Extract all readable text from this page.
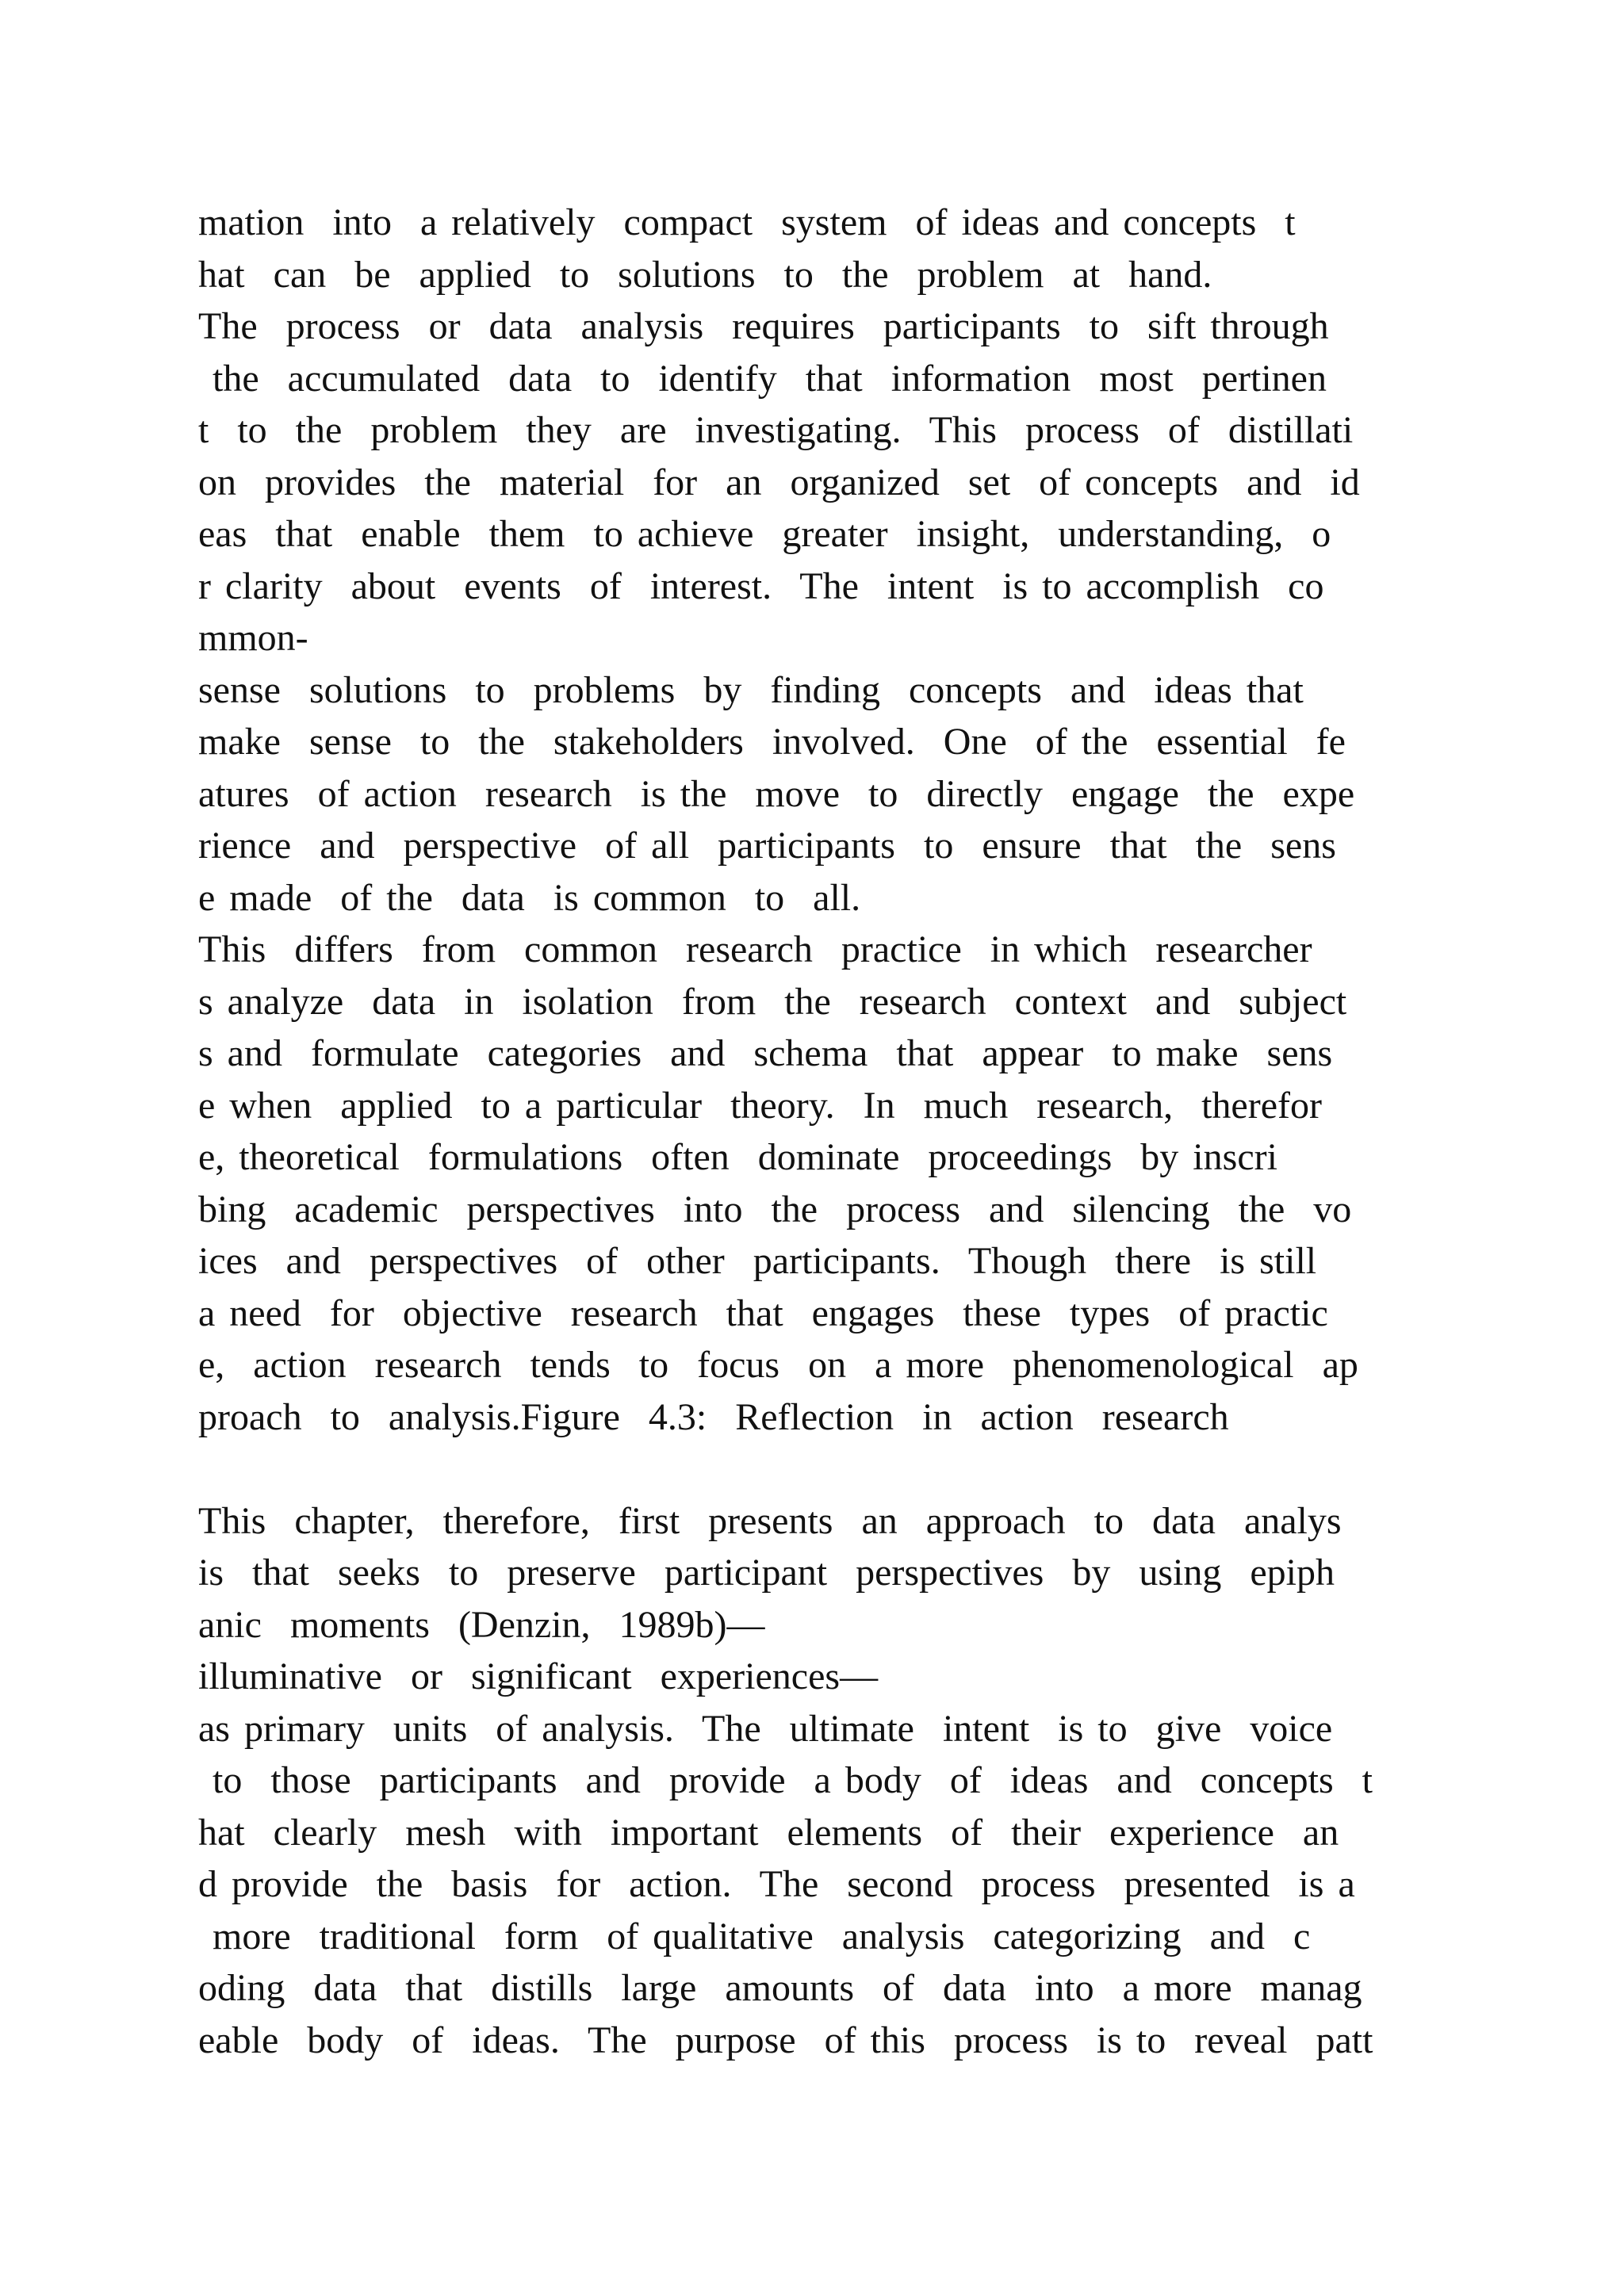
mation  into  a relatively  compact  system  of ideas and concepts  t
hat  can  be  applied  to  solutions  to  the  problem  at  hand.
The  process  or  data  analysis  requires  participants  to  sift through
the  accumulated  data  to  identify  that  information  most  pertinen
t  to  the  problem  they  are  investigating.  This  process  of  distillati
on  provides  the  material  for  an  organized  set  of concepts  and  id
eas  that  enable  them  to achieve  greater  insight,  understanding,  o
r clarity  about  events  of  interest.  The  intent  is to accomplish  co
mmon-
sense  solutions  to  problems  by  finding  concepts  and  ideas that
make  sense  to  the  stakeholders  involved.  One  of the  essential  fe
atures  of action  research  is the  move  to  directly  engage  the  expe
rience  and  perspective  of all  participants  to  ensure  that  the  sens
e made  of the  data  is common  to  all.
This  differs  from  common  research  practice  in which  researcher
s analyze  data  in  isolation  from  the  research  context  and  subject
s and  formulate  categories  and  schema  that  appear  to make  sens
e when  applied  to a particular  theory.  In  much  research,  therefor
e, theoretical  formulations  often  dominate  proceedings  by inscri
bing  academic  perspectives  into  the  process  and  silencing  the  vo
ices  and  perspectives  of  other  participants.  Though  there  is still
a need  for  objective  research  that  engages  these  types  of practic
e,  action  research  tends  to  focus  on  a more  phenomenological  ap
proach  to  analysis.Figure  4.3:  Reflection  in  action  research
This  chapter,  therefore,  first  presents  an  approach  to  data  analys
is  that  seeks  to  preserve  participant  perspectives  by  using  epiph
anic  moments  (Denzin,  1989b)—
illuminative  or  significant  experiences—
as primary  units  of analysis.  The  ultimate  intent  is to  give  voice
to  those  participants  and  provide  a body  of  ideas  and  concepts  t
hat  clearly  mesh  with  important  elements  of  their  experience  an
d provide  the  basis  for  action.  The  second  process  presented  is a
more  traditional  form  of qualitative  analysis  categorizing  and  c
oding  data  that  distills  large  amounts  of  data  into  a more  manag
eable  body  of  ideas.  The  purpose  of this  process  is to  reveal  patt
